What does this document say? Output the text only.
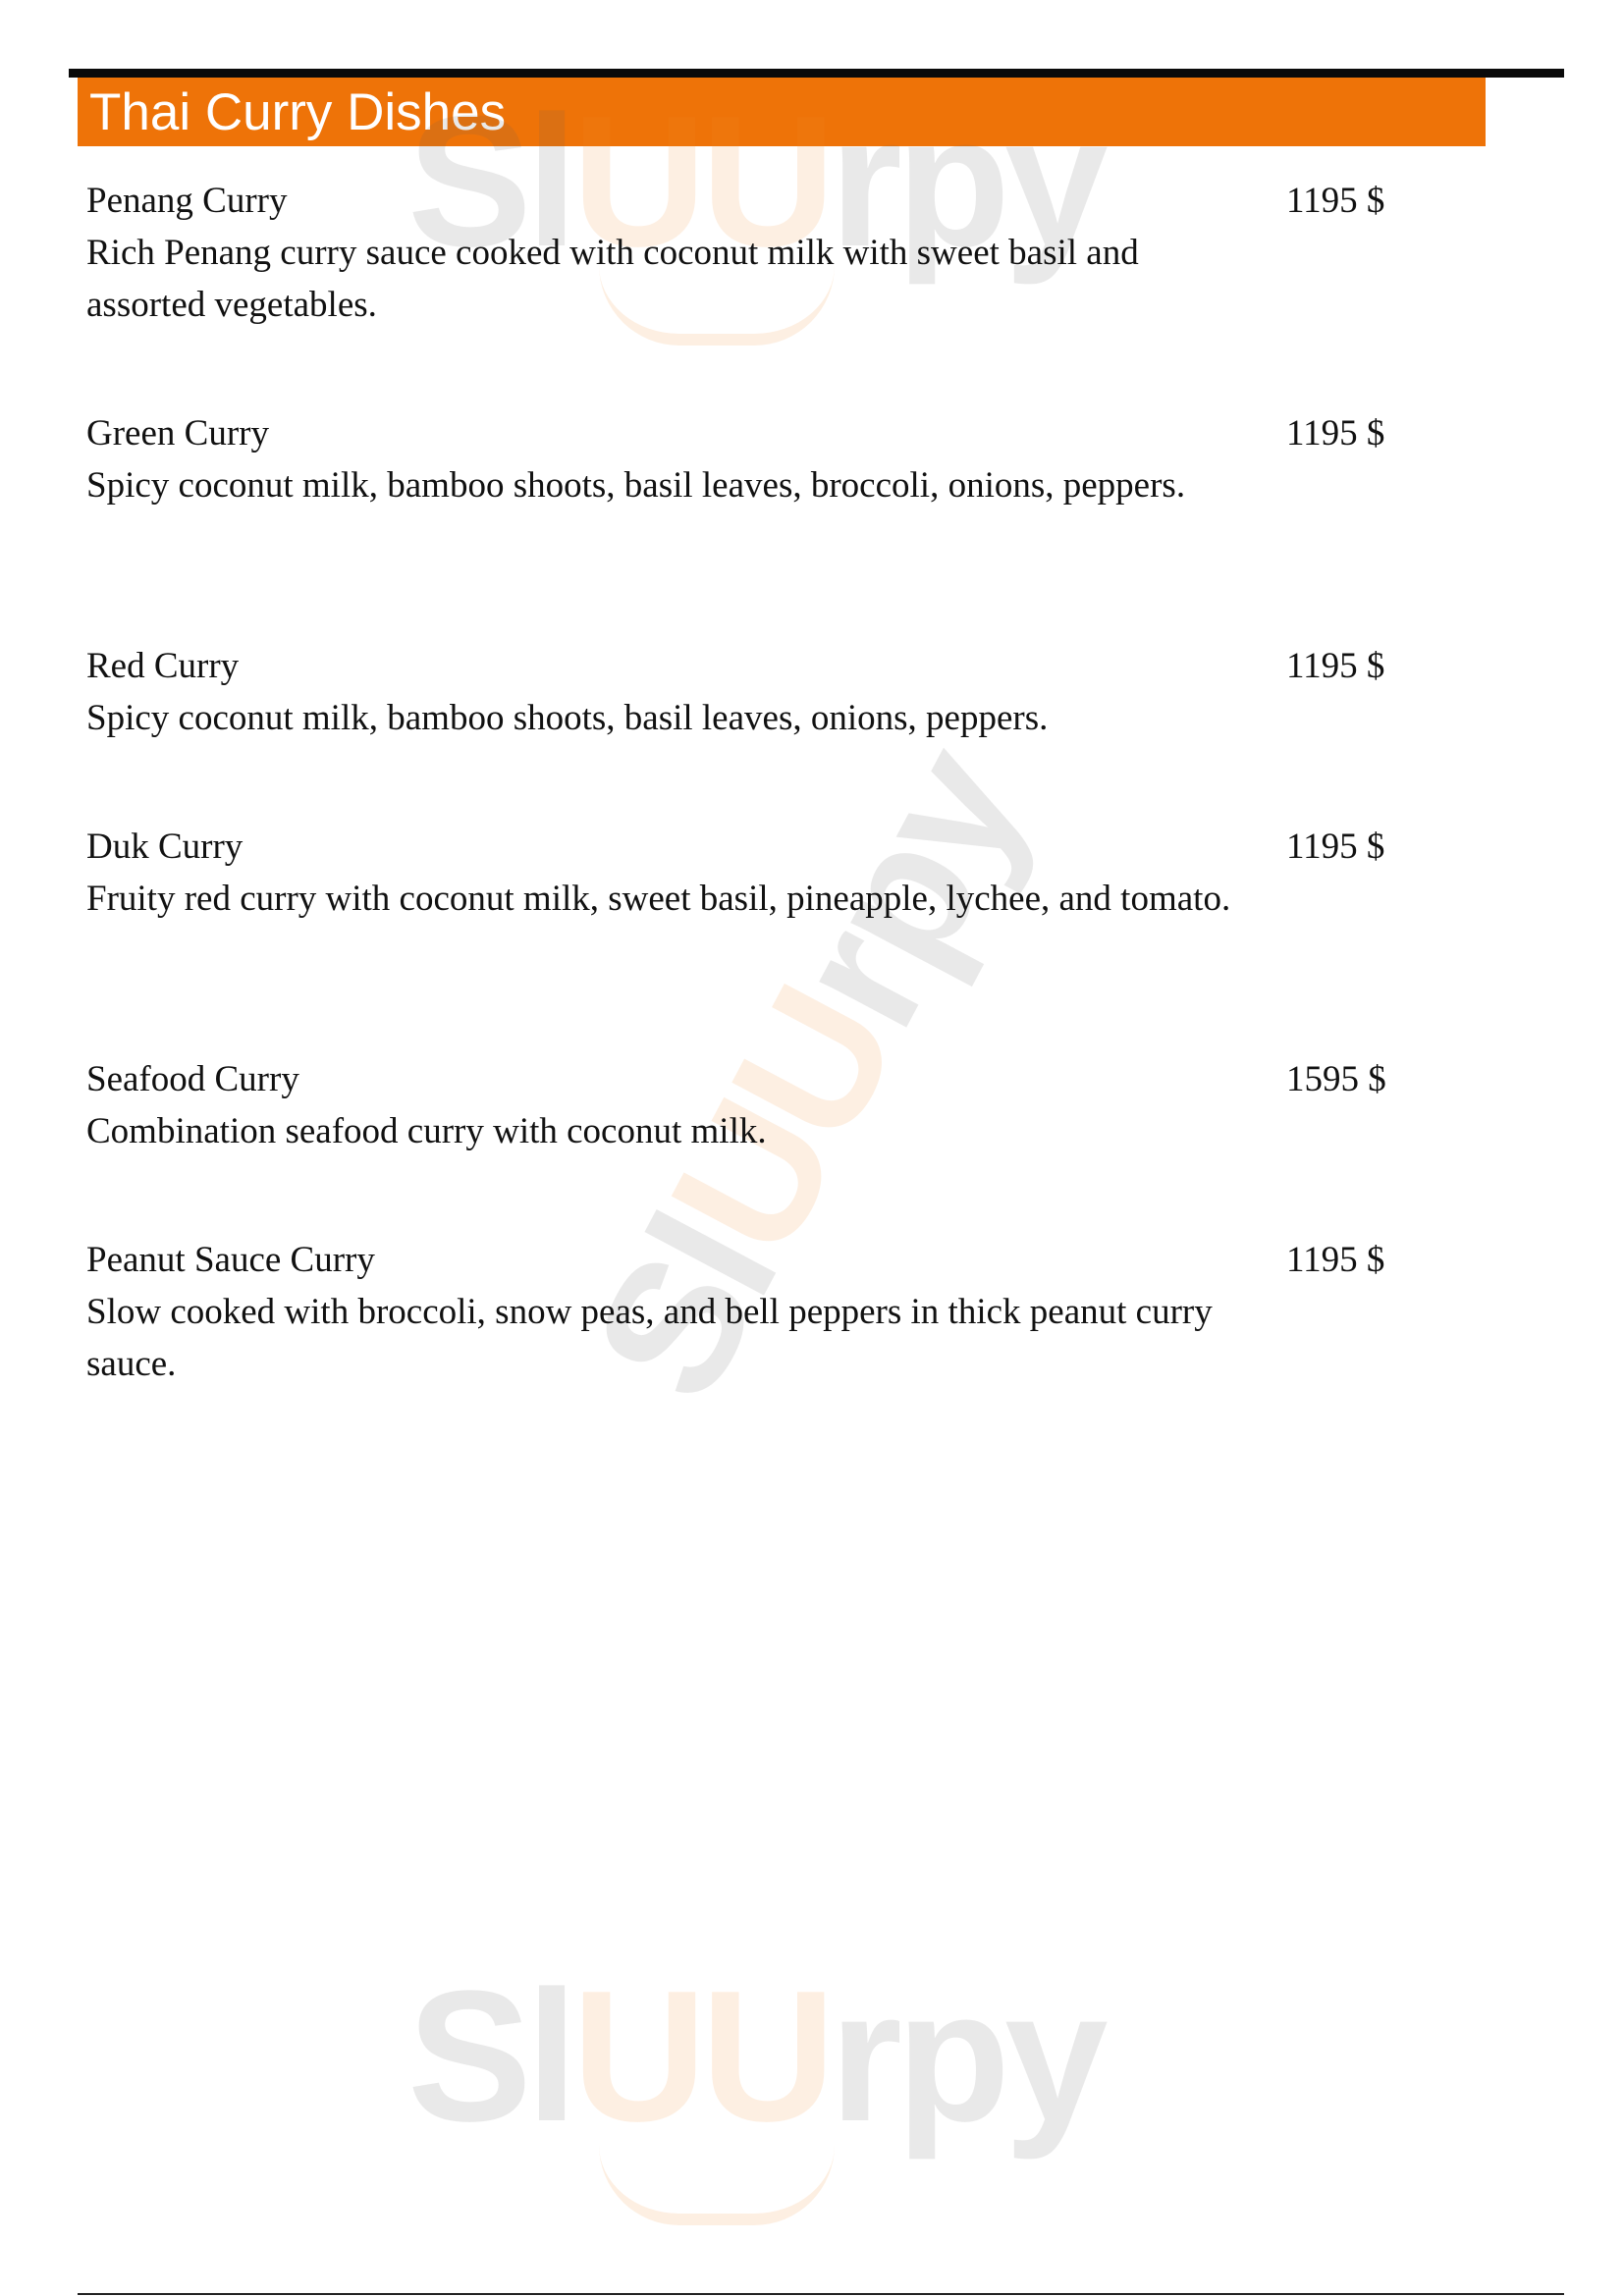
Thai Curry Dishes
SlUUrpy
SlUUrpy
SlUUrpy

Penang Curry

Rich Penang curry sauce cooked with coconut milk with sweet basil and assorted vegetables.

1195 $

Green Curry

Spicy coconut milk, bamboo shoots, basil leaves, broccoli, onions, peppers.

1195 $

Red Curry

Spicy coconut milk, bamboo shoots, basil leaves, onions, peppers.

1195 $

Duk Curry

Fruity red curry with coconut milk, sweet basil, pineapple, lychee, and tomato.

1195 $

Seafood Curry

Combination seafood curry with coconut milk.

1595 $

Peanut Sauce Curry

Slow cooked with broccoli, snow peas, and bell peppers in thick peanut curry sauce.

1195 $
